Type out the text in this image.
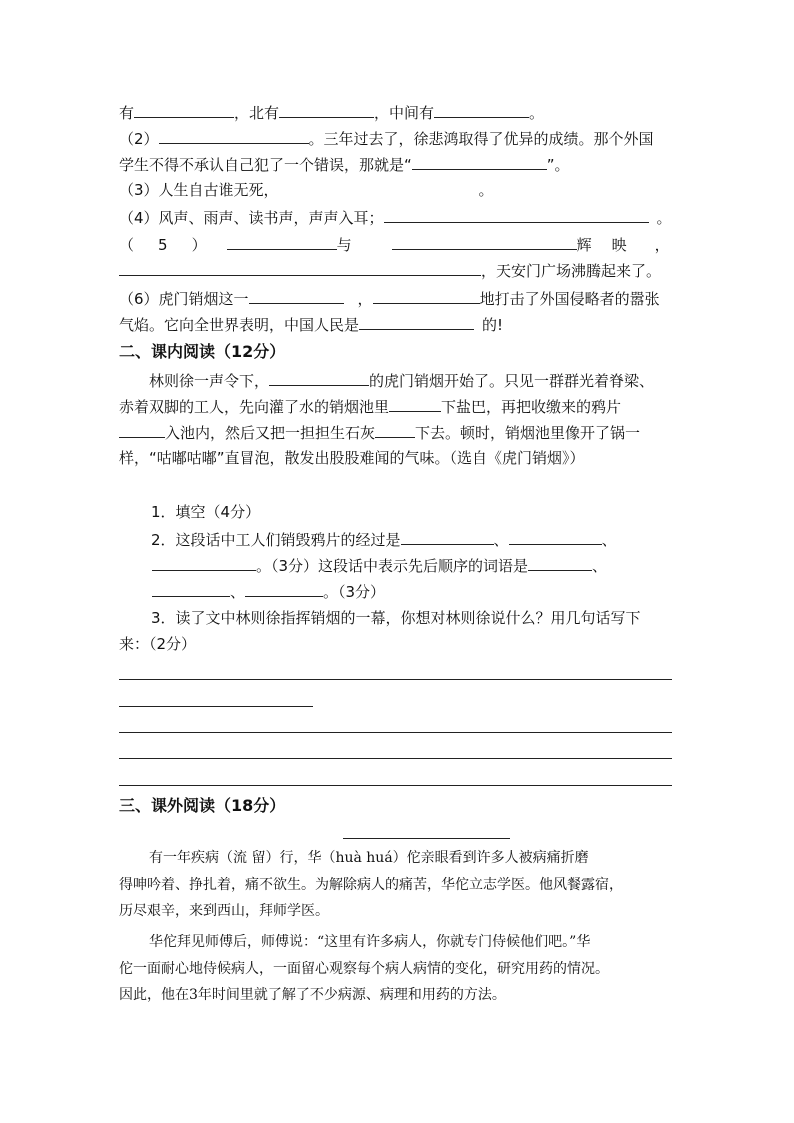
有	，北有	，中间有	。
（2）	。三年过去了，徐悲鸿取得了优异的成绩。那个外国
学生不得不承认自己犯了一个错误，那就是“	”。
（3）人生自古谁无死，	。
（4）风声、雨声、读书声，声声入耳；	。
（ 5 ）	与	辉 映 ，
，天安门广场沸腾起来了。
（6）虎门销烟这一	，	地打击了外国侵略者的嚣张
气焰。它向全世界表明，中国人民是	的!
二、课内阅读（12分）
林则徐一声令下，	的虎门销烟开始了。只见一群群光着脊梁、
赤着双脚的工人，先向灌了水的销烟池里	下盐巴，再把收缴来的鸦片
入池内，然后又把一担担生石灰	下去。顿时，销烟池里像开了锅一
样，“咕嘟咕嘟”直冒泡，散发出股股难闻的气味。（选自《虎门销烟》）
1．填空（4分）
2．这段话中工人们销毁鸦片的经过是	、	、
。（3分）这段话中表示先后顺序的词语是	、
、	。（3分）
3．读了文中林则徐指挥销烟的一幕，你想对林则徐说什么？用几句话写下
来：（2分）
三、课外阅读（18分）
有一年疾病（流 留）行，华（huà huá）佗亲眼看到许多人被病痛折磨
得呻吟着、挣扎着，痛不欲生。为解除病人的痛苦，华佗立志学医。他风餐露宿，
历尽艰辛，来到西山，拜师学医。
华佗拜见师傅后，师傅说：“这里有许多病人，你就专门侍候他们吧。”华
佗一面耐心地侍候病人，一面留心观察每个病人病情的变化，研究用药的情况。
因此，他在3年时间里就了解了不少病源、病理和用药的方法。
